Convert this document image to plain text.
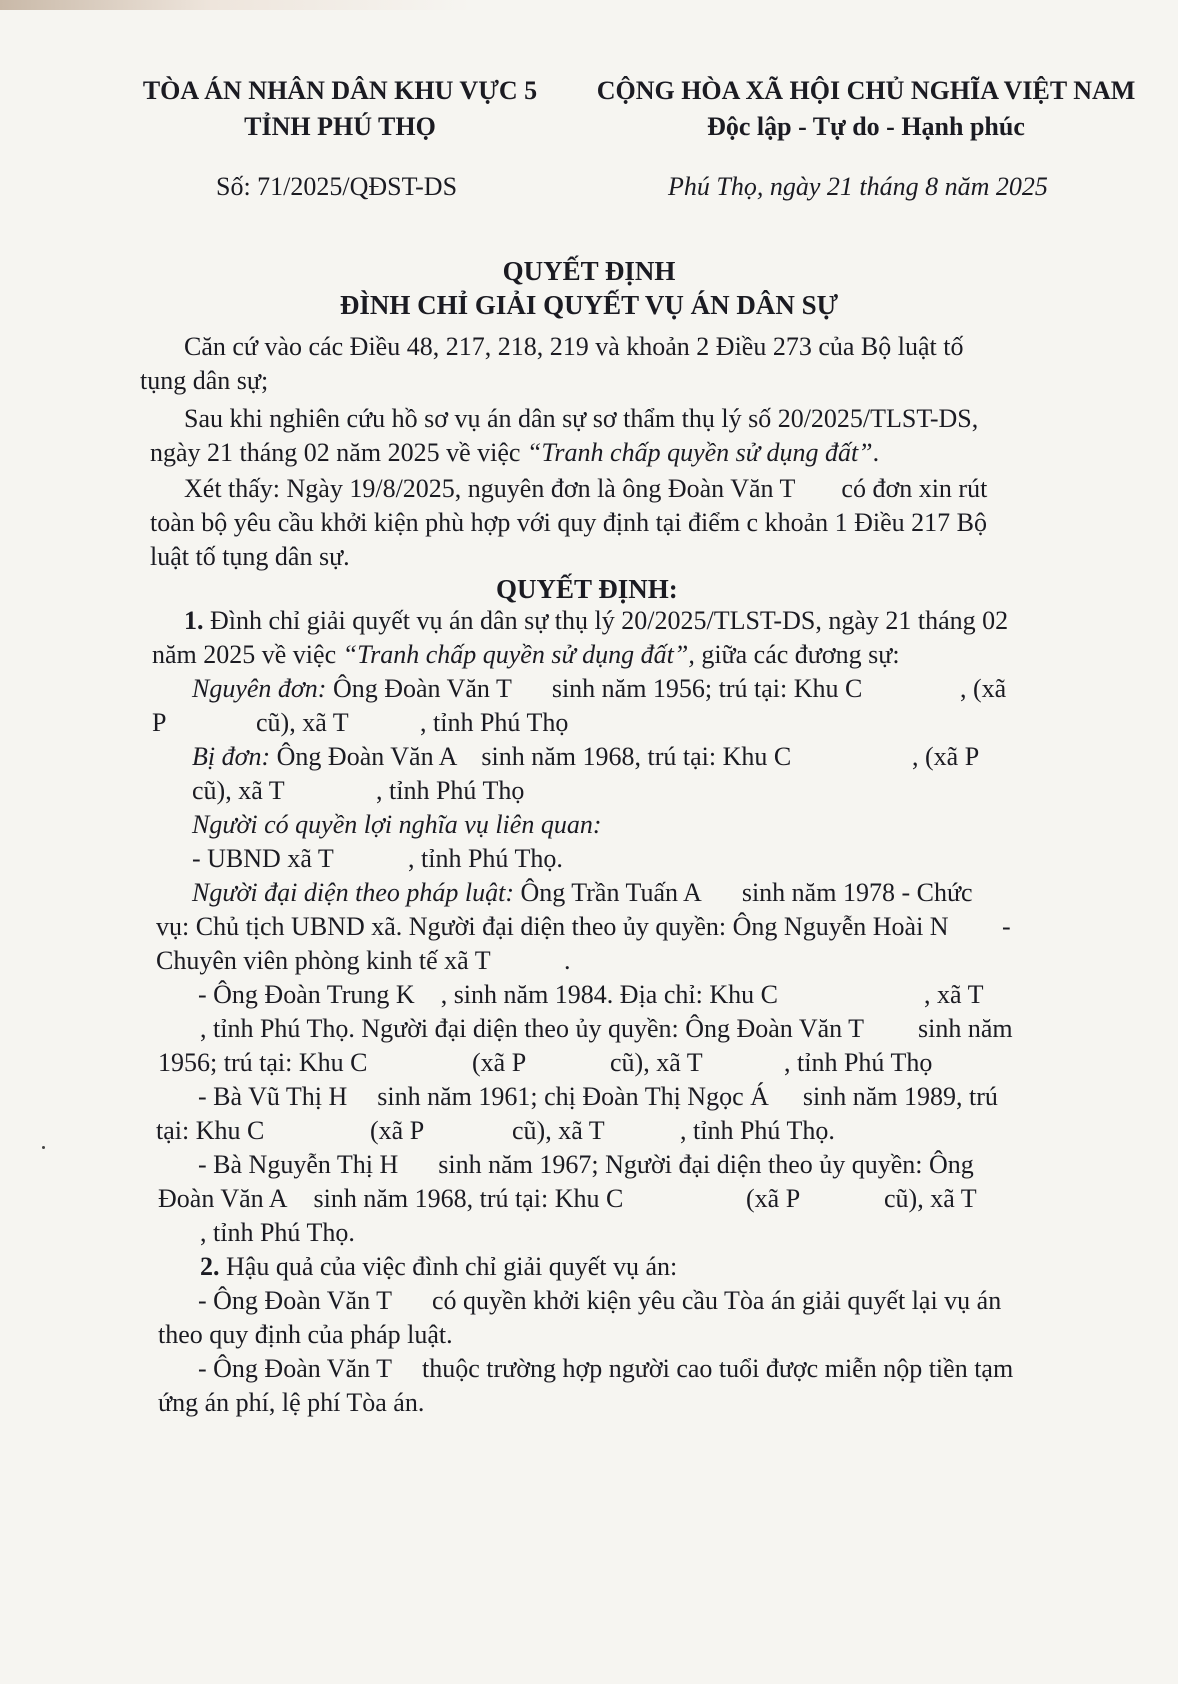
TÒA ÁN NHÂN DÂN KHU VỰC 5
TỈNH PHÚ THỌ
CỘNG HÒA XÃ HỘI CHỦ NGHĨA VIỆT NAM
Độc lập - Tự do - Hạnh phúc
Số: 71/2025/QĐST-DS	Phú Thọ, ngày 21 tháng 8 năm 2025
QUYẾT ĐỊNH
ĐÌNH CHỈ GIẢI QUYẾT VỤ ÁN DÂN SỰ
Căn cứ vào các Điều 48, 217, 218, 219 và khoản 2 Điều 273 của Bộ luật tố
tụng dân sự;
Sau khi nghiên cứu hồ sơ vụ án dân sự sơ thẩm thụ lý số 20/2025/TLST-DS,
ngày 21 tháng 02 năm 2025 về việc “Tranh chấp quyền sử dụng đất”.
Xét thấy: Ngày 19/8/2025, nguyên đơn là ông Đoàn Văn T có đơn xin rút
toàn bộ yêu cầu khởi kiện phù hợp với quy định tại điểm c khoản 1 Điều 217 Bộ
luật tố tụng dân sự.
QUYẾT ĐỊNH:
1. Đình chỉ giải quyết vụ án dân sự thụ lý 20/2025/TLST-DS, ngày 21 tháng 02
năm 2025 về việc “Tranh chấp quyền sử dụng đất”, giữa các đương sự:
Nguyên đơn: Ông Đoàn Văn T sinh năm 1956; trú tại: Khu C	, (xã
P	cũ), xã T	, tỉnh Phú Thọ
Bị đơn: Ông Đoàn Văn A sinh năm 1968, trú tại: Khu C	, (xã P
cũ), xã T	, tỉnh Phú Thọ
Người có quyền lợi nghĩa vụ liên quan:
- UBND xã T	, tỉnh Phú Thọ.
Người đại diện theo pháp luật: Ông Trần Tuấn A sinh năm 1978 - Chức
vụ: Chủ tịch UBND xã. Người đại diện theo ủy quyền: Ông Nguyễn Hoài N -
Chuyên viên phòng kinh tế xã T	.
- Ông Đoàn Trung K , sinh năm 1984. Địa chỉ: Khu C	, xã T
, tỉnh Phú Thọ. Người đại diện theo ủy quyền: Ông Đoàn Văn T sinh năm
1956; trú tại: Khu C	(xã P	cũ), xã T	, tỉnh Phú Thọ
- Bà Vũ Thị H sinh năm 1961; chị Đoàn Thị Ngọc Á sinh năm 1989, trú
tại: Khu C	(xã P	cũ), xã T	, tỉnh Phú Thọ.
- Bà Nguyễn Thị H sinh năm 1967; Người đại diện theo ủy quyền: Ông
Đoàn Văn A sinh năm 1968, trú tại: Khu C	(xã P	cũ), xã T
, tỉnh Phú Thọ.
2. Hậu quả của việc đình chỉ giải quyết vụ án:
- Ông Đoàn Văn T có quyền khởi kiện yêu cầu Tòa án giải quyết lại vụ án
theo quy định của pháp luật.
- Ông Đoàn Văn T thuộc trường hợp người cao tuổi được miễn nộp tiền tạm
ứng án phí, lệ phí Tòa án.
